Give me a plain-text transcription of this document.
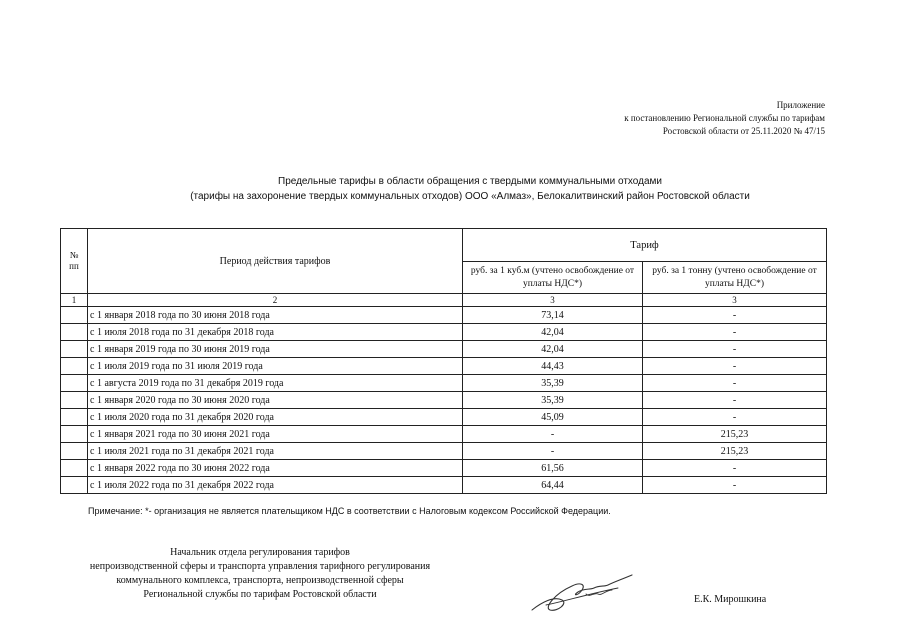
Приложение
к постановлению Региональной службы по тарифам
Ростовской области от 25.11.2020 № 47/15
Предельные тарифы в области обращения с твердыми коммунальными отходами
(тарифы на захоронение твердых коммунальных отходов) ООО «Алмаз», Белокалитвинский район Ростовской области
№
пп	Период действия тарифов	Тариф	
		руб. за 1 куб.м (учтено освобождение от уплаты НДС*)	руб. за 1 тонну (учтено освобождение от уплаты НДС*)
1	2	3	3
	с 1 января 2018 года по 30 июня 2018 года	73,14	-
	с 1 июля 2018 года по 31 декабря 2018 года	42,04	-
	с 1 января 2019 года по 30 июня 2019 года	42,04	-
	с 1 июля 2019 года по 31 июля 2019 года	44,43	-
	с 1 августа 2019 года по 31 декабря 2019 года	35,39	-
	с 1 января 2020 года по 30 июня 2020 года	35,39	-
	с 1 июля 2020 года по 31 декабря 2020 года	45,09	-
	с 1 января 2021 года по 30 июня 2021 года	-	215,23
	с 1 июля 2021 года по 31 декабря 2021 года	-	215,23
	с 1 января 2022 года по 30 июня 2022 года	61,56	-
	с 1 июля 2022 года по 31 декабря 2022 года	64,44	-
Примечание: *- организация не является плательщиком НДС в соответствии с Налоговым кодексом Российской Федерации.
Начальник отдела регулирования тарифов
непроизводственной сферы и транспорта управления тарифного регулирования
коммунального комплекса, транспорта, непроизводственной сферы
Региональной службы по тарифам Ростовской области	Е.К. Мирошкина
